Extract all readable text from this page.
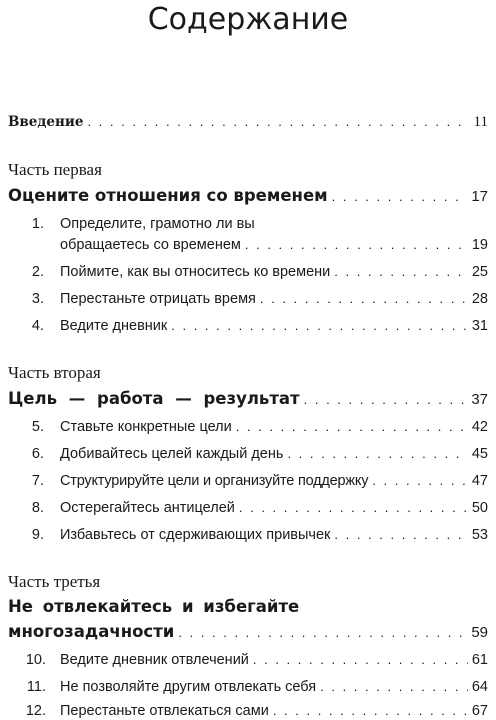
Содержание
Введение . . .	11
Часть первая
Оцените отношения со временем . . .	17
1. Определите, грамотно ли вы
обращаетесь со временем . . .	19
2. Поймите, как вы относитесь ко времени . . .	25
3. Перестаньте отрицать время . . .	28
4. Ведите дневник . . .	31
Часть вторая
Цель — работа — результат . . .	37
5. Ставьте конкретные цели . . .	42
6. Добивайтесь целей каждый день . . .	45
7. Структурируйте цели и организуйте поддержку . . .	47
8. Остерегайтесь антицелей . . .	50
9. Избавьтесь от сдерживающих привычек . . .	53
Часть третья
Не отвлекайтесь и избегайте
многозадачности . . .	59
10. Ведите дневник отвлечений . . .	61
11. Не позволяйте другим отвлекать себя . . .	64
12. Перестаньте отвлекаться сами . . .	67
